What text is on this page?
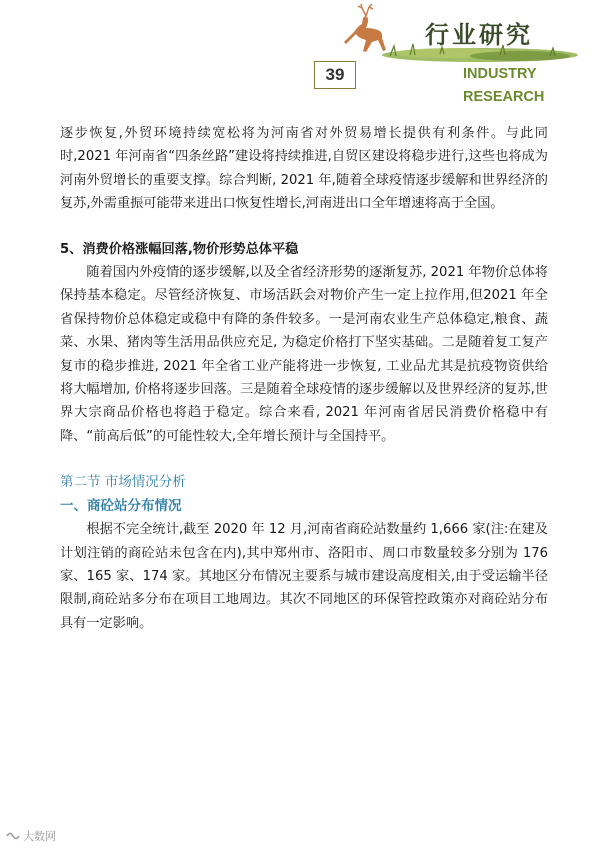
行业研究
39	INDUSTRY
RESEARCH

逐步恢复,外贸环境持续宽松将为河南省对外贸易增长提供有利条件。与此同时,2021 年河南省“四条丝路”建设将持续推进,自贸区建设将稳步进行,这些也将成为河南外贸增长的重要支撑。综合判断, 2021 年,随着全球疫情逐步缓解和世界经济的复苏,外需重振可能带来进出口恢复性增长,河南进出口全年增速将高于全国。

5、消费价格涨幅回落,物价形势总体平稳

随着国内外疫情的逐步缓解,以及全省经济形势的逐渐复苏, 2021 年物价总体将保持基本稳定。尽管经济恢复、市场活跃会对物价产生一定上拉作用,但2021 年全省保持物价总体稳定或稳中有降的条件较多。一是河南农业生产总体稳定,粮食、蔬菜、水果、猪肉等生活用品供应充足, 为稳定价格打下坚实基础。二是随着复工复产复市的稳步推进, 2021 年全省工业产能将进一步恢复, 工业品尤其是抗疫物资供给将大幅增加, 价格将逐步回落。三是随着全球疫情的逐步缓解以及世界经济的复苏,世界大宗商品价格也将趋于稳定。综合来看, 2021 年河南省居民消费价格稳中有降、“前高后低”的可能性较大,全年增长预计与全国持平。

第二节 市场情况分析

一、商砼站分布情况

根据不完全统计,截至 2020 年 12 月,河南省商砼站数量约 1,666 家(注:在建及计划注销的商砼站未包含在内),其中郑州市、洛阳市、周口市数量较多分别为 176 家、165 家、174 家。其地区分布情况主要系与城市建设高度相关,由于受运输半径限制,商砼站多分布在项目工地周边。其次不同地区的环保管控政策亦对商砼站分布具有一定影响。

大数网
